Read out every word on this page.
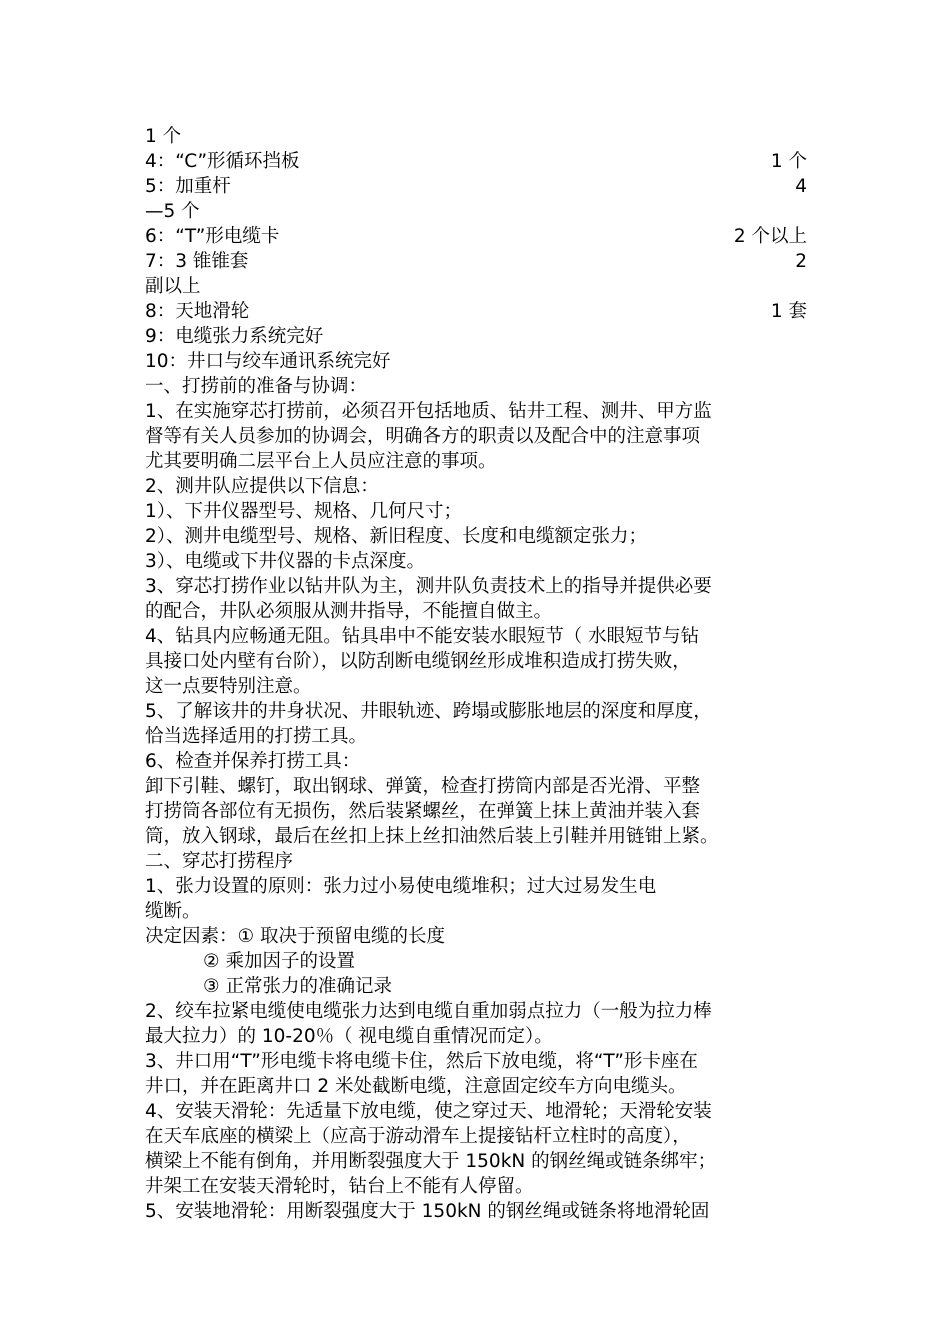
1 个
4：“C”形循环挡板	1 个
5：加重杆	4
—5 个
6：“T”形电缆卡	2 个以上
7：3 锥锥套	2
副以上
8：天地滑轮	1 套
9：电缆张力系统完好
10：井口与绞车通讯系统完好
一、打捞前的准备与协调：
1、在实施穿芯打捞前，必须召开包括地质、钻井工程、测井、甲方监
督等有关人员参加的协调会，明确各方的职责以及配合中的注意事项
尤其要明确二层平台上人员应注意的事项。
2、测井队应提供以下信息：
1）、下井仪器型号、规格、几何尺寸；
2）、测井电缆型号、规格、新旧程度、长度和电缆额定张力；
3）、电缆或下井仪器的卡点深度。
3、穿芯打捞作业以钻井队为主，测井队负责技术上的指导并提供必要
的配合，井队必须服从测井指导，不能擅自做主。
4、钻具内应畅通无阻。钻具串中不能安装水眼短节（ 水眼短节与钻
具接口处内壁有台阶），以防刮断电缆钢丝形成堆积造成打捞失败，
这一点要特别注意。
5、了解该井的井身状况、井眼轨迹、跨塌或膨胀地层的深度和厚度，
恰当选择适用的打捞工具。
6、检查并保养打捞工具：
卸下引鞋、螺钉，取出钢球、弹簧，检查打捞筒内部是否光滑、平整
打捞筒各部位有无损伤，然后装紧螺丝，在弹簧上抹上黄油并装入套
筒，放入钢球，最后在丝扣上抹上丝扣油然后装上引鞋并用链钳上紧。
二、穿芯打捞程序
1、张力设置的原则：张力过小易使电缆堆积；过大过易发生电
缆断。
决定因素：① 取决于预留电缆的长度
② 乘加因子的设置
③ 正常张力的准确记录
2、绞车拉紧电缆使电缆张力达到电缆自重加弱点拉力（一般为拉力棒
最大拉力）的 10-20％（ 视电缆自重情况而定）。
3、井口用“T”形电缆卡将电缆卡住，然后下放电缆，将“T”形卡座在
井口，并在距离井口 2 米处截断电缆，注意固定绞车方向电缆头。
4、安装天滑轮：先适量下放电缆，使之穿过天、地滑轮；天滑轮安装
在天车底座的横梁上（应高于游动滑车上提接钻杆立柱时的高度），
横梁上不能有倒角，并用断裂强度大于 150kN 的钢丝绳或链条绑牢；
井架工在安装天滑轮时，钻台上不能有人停留。
5、安装地滑轮：用断裂强度大于 150kN 的钢丝绳或链条将地滑轮固
